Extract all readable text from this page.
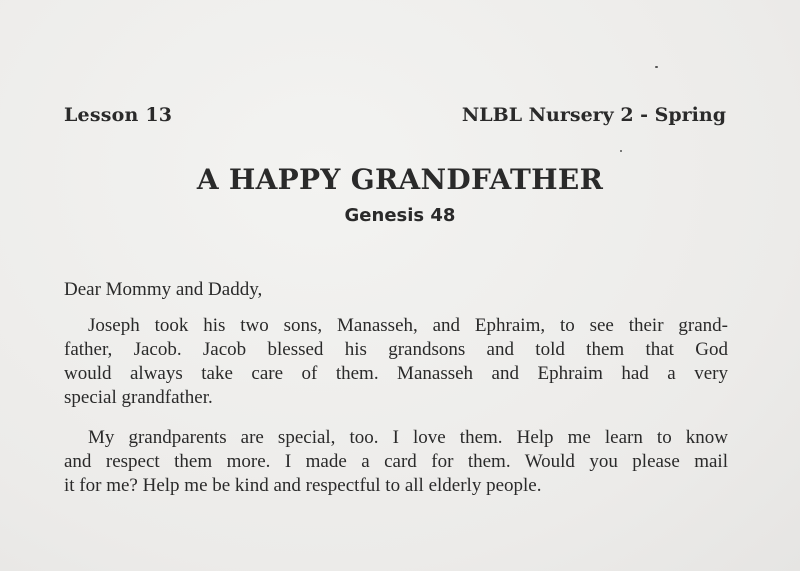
Lesson 13	NLBL Nursery 2 - Spring
A HAPPY GRANDFATHER
Genesis 48
Dear Mommy and Daddy,
Joseph took his two sons, Manasseh, and Ephraim, to see their grand-
father, Jacob. Jacob blessed his grandsons and told them that God
would always take care of them. Manasseh and Ephraim had a very
special grandfather.
My grandparents are special, too. I love them. Help me learn to know
and respect them more. I made a card for them. Would you please mail
it for me? Help me be kind and respectful to all elderly people.
